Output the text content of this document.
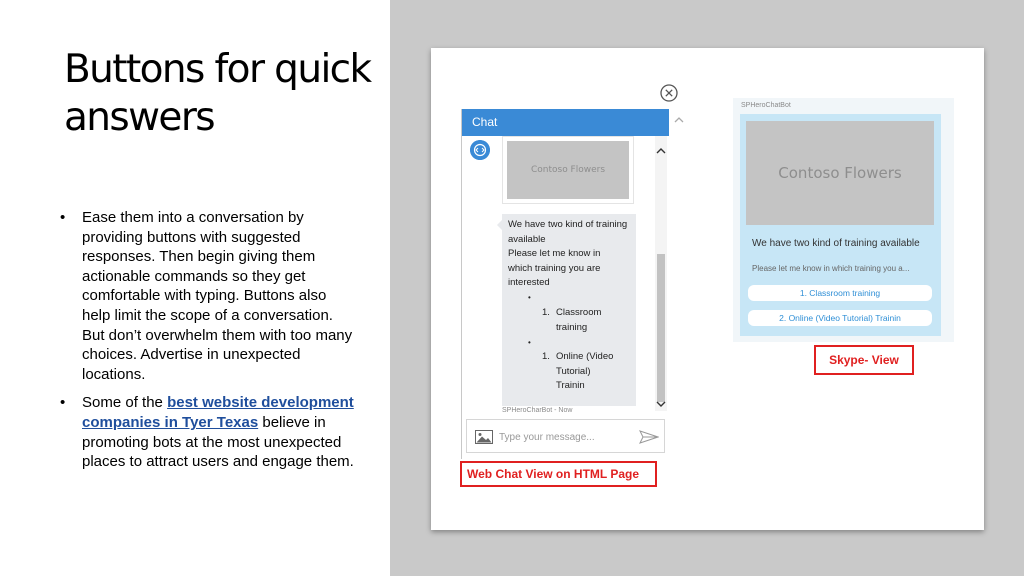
Buttons for quick answers
• Ease them into a conversation by providing buttons with suggested responses. Then begin giving them actionable commands so they get comfortable with typing. Buttons also help limit the scope of a conversation. But don’t overwhelm them with too many choices. Advertise in unexpected locations.
• Some of the best website development companies in Tyer Texas believe in promoting bots at the most unexpected places to attract users and engage them.
Chat
Contoso Flowers
We have two kind of training
available
Please let me know in
which training you are
interested
•
1. Classroom
training
•
1. Online (Video
Tutorial)
Trainin
SPHeroCharBot - Now
Type your message...
Web Chat View on HTML Page
SPHeroChatBot
Contoso Flowers
We have two kind of training available
Please let me know in which training you a...
1. Classroom training
2. Online (Video Tutorial) Trainin
Skype- View
